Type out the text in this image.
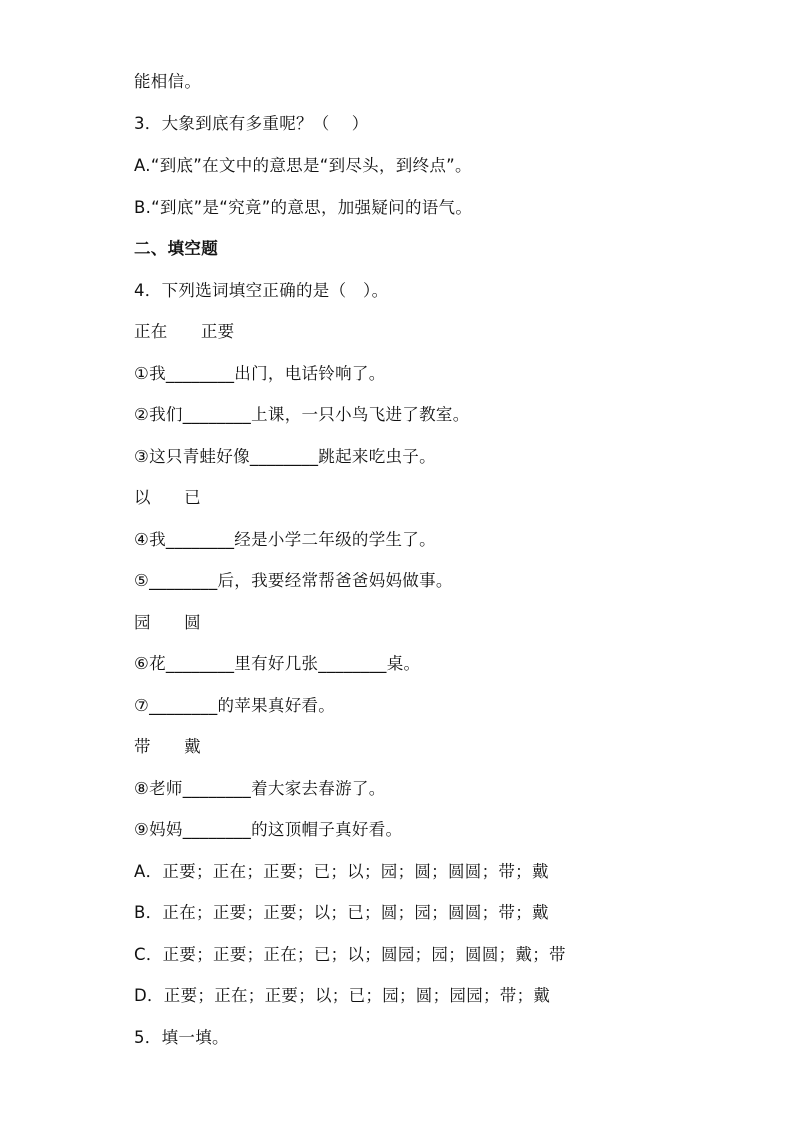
能相信。
3．大象到底有多重呢？（    ）
A.“到底”在文中的意思是“到尽头，到终点”。
B.“到底”是“究竟”的意思，加强疑问的语气。
二、填空题
4．下列选词填空正确的是（   ）。
正在      正要
①我________出门，电话铃响了。
②我们________上课，一只小鸟飞进了教室。
③这只青蛙好像________跳起来吃虫子。
以      已
④我________经是小学二年级的学生了。
⑤________后，我要经常帮爸爸妈妈做事。
园      圆
⑥花________里有好几张________桌。
⑦________的苹果真好看。
带      戴
⑧老师________着大家去春游了。
⑨妈妈________的这顶帽子真好看。
A．正要；正在；正要；已；以；园；圆；圆圆；带；戴
B．正在；正要；正要；以；已；圆；园；圆圆；带；戴
C．正要；正要；正在；已；以；圆园；园；圆圆；戴；带
D．正要；正在；正要；以；已；园；圆；园园；带；戴
5．填一填。
